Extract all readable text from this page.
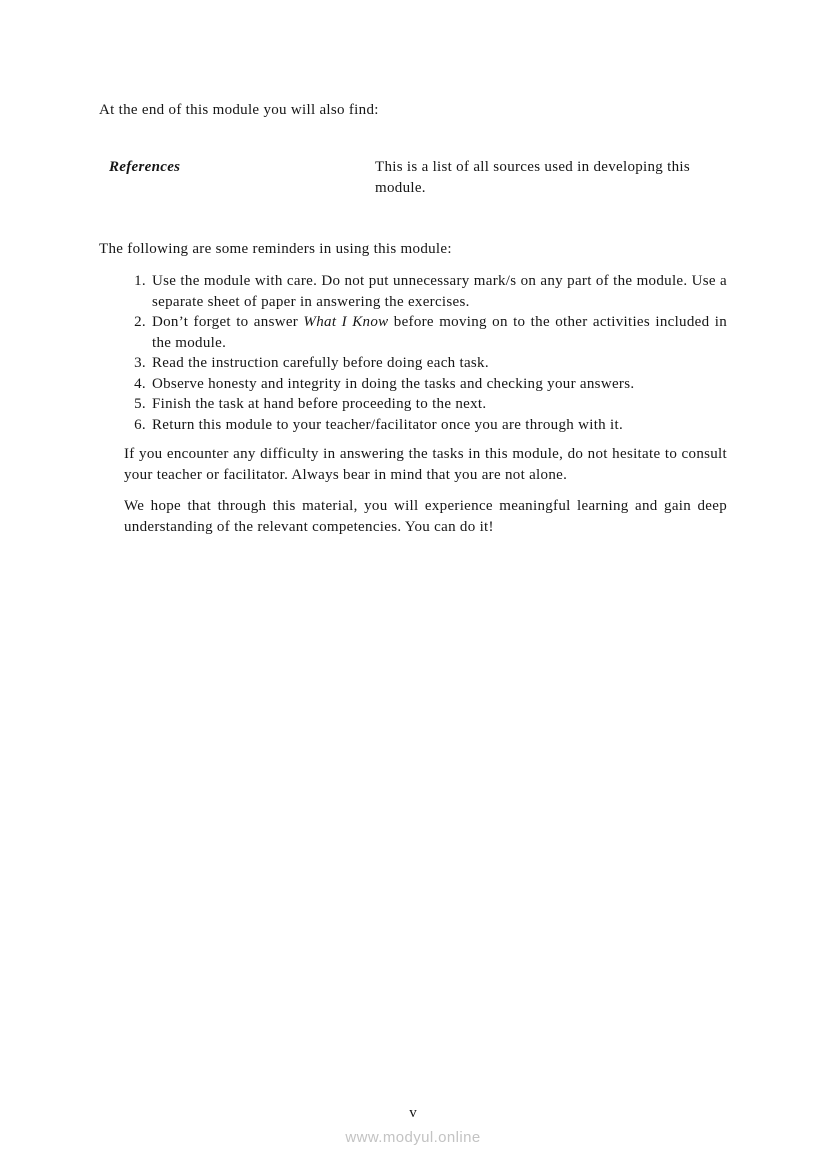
At the end of this module you will also find:

References	This is a list of all sources used in developing this module.

The following are some reminders in using this module:

1. Use the module with care. Do not put unnecessary mark/s on any part of the module. Use a separate sheet of paper in answering the exercises.
2. Don’t forget to answer What I Know before moving on to the other activities included in the module.
3. Read the instruction carefully before doing each task.
4. Observe honesty and integrity in doing the tasks and checking your answers.
5. Finish the task at hand before proceeding to the next.
6. Return this module to your teacher/facilitator once you are through with it.

If you encounter any difficulty in answering the tasks in this module, do not hesitate to consult your teacher or facilitator. Always bear in mind that you are not alone.

We hope that through this material, you will experience meaningful learning and gain deep understanding of the relevant competencies. You can do it!

v
www.modyul.online
